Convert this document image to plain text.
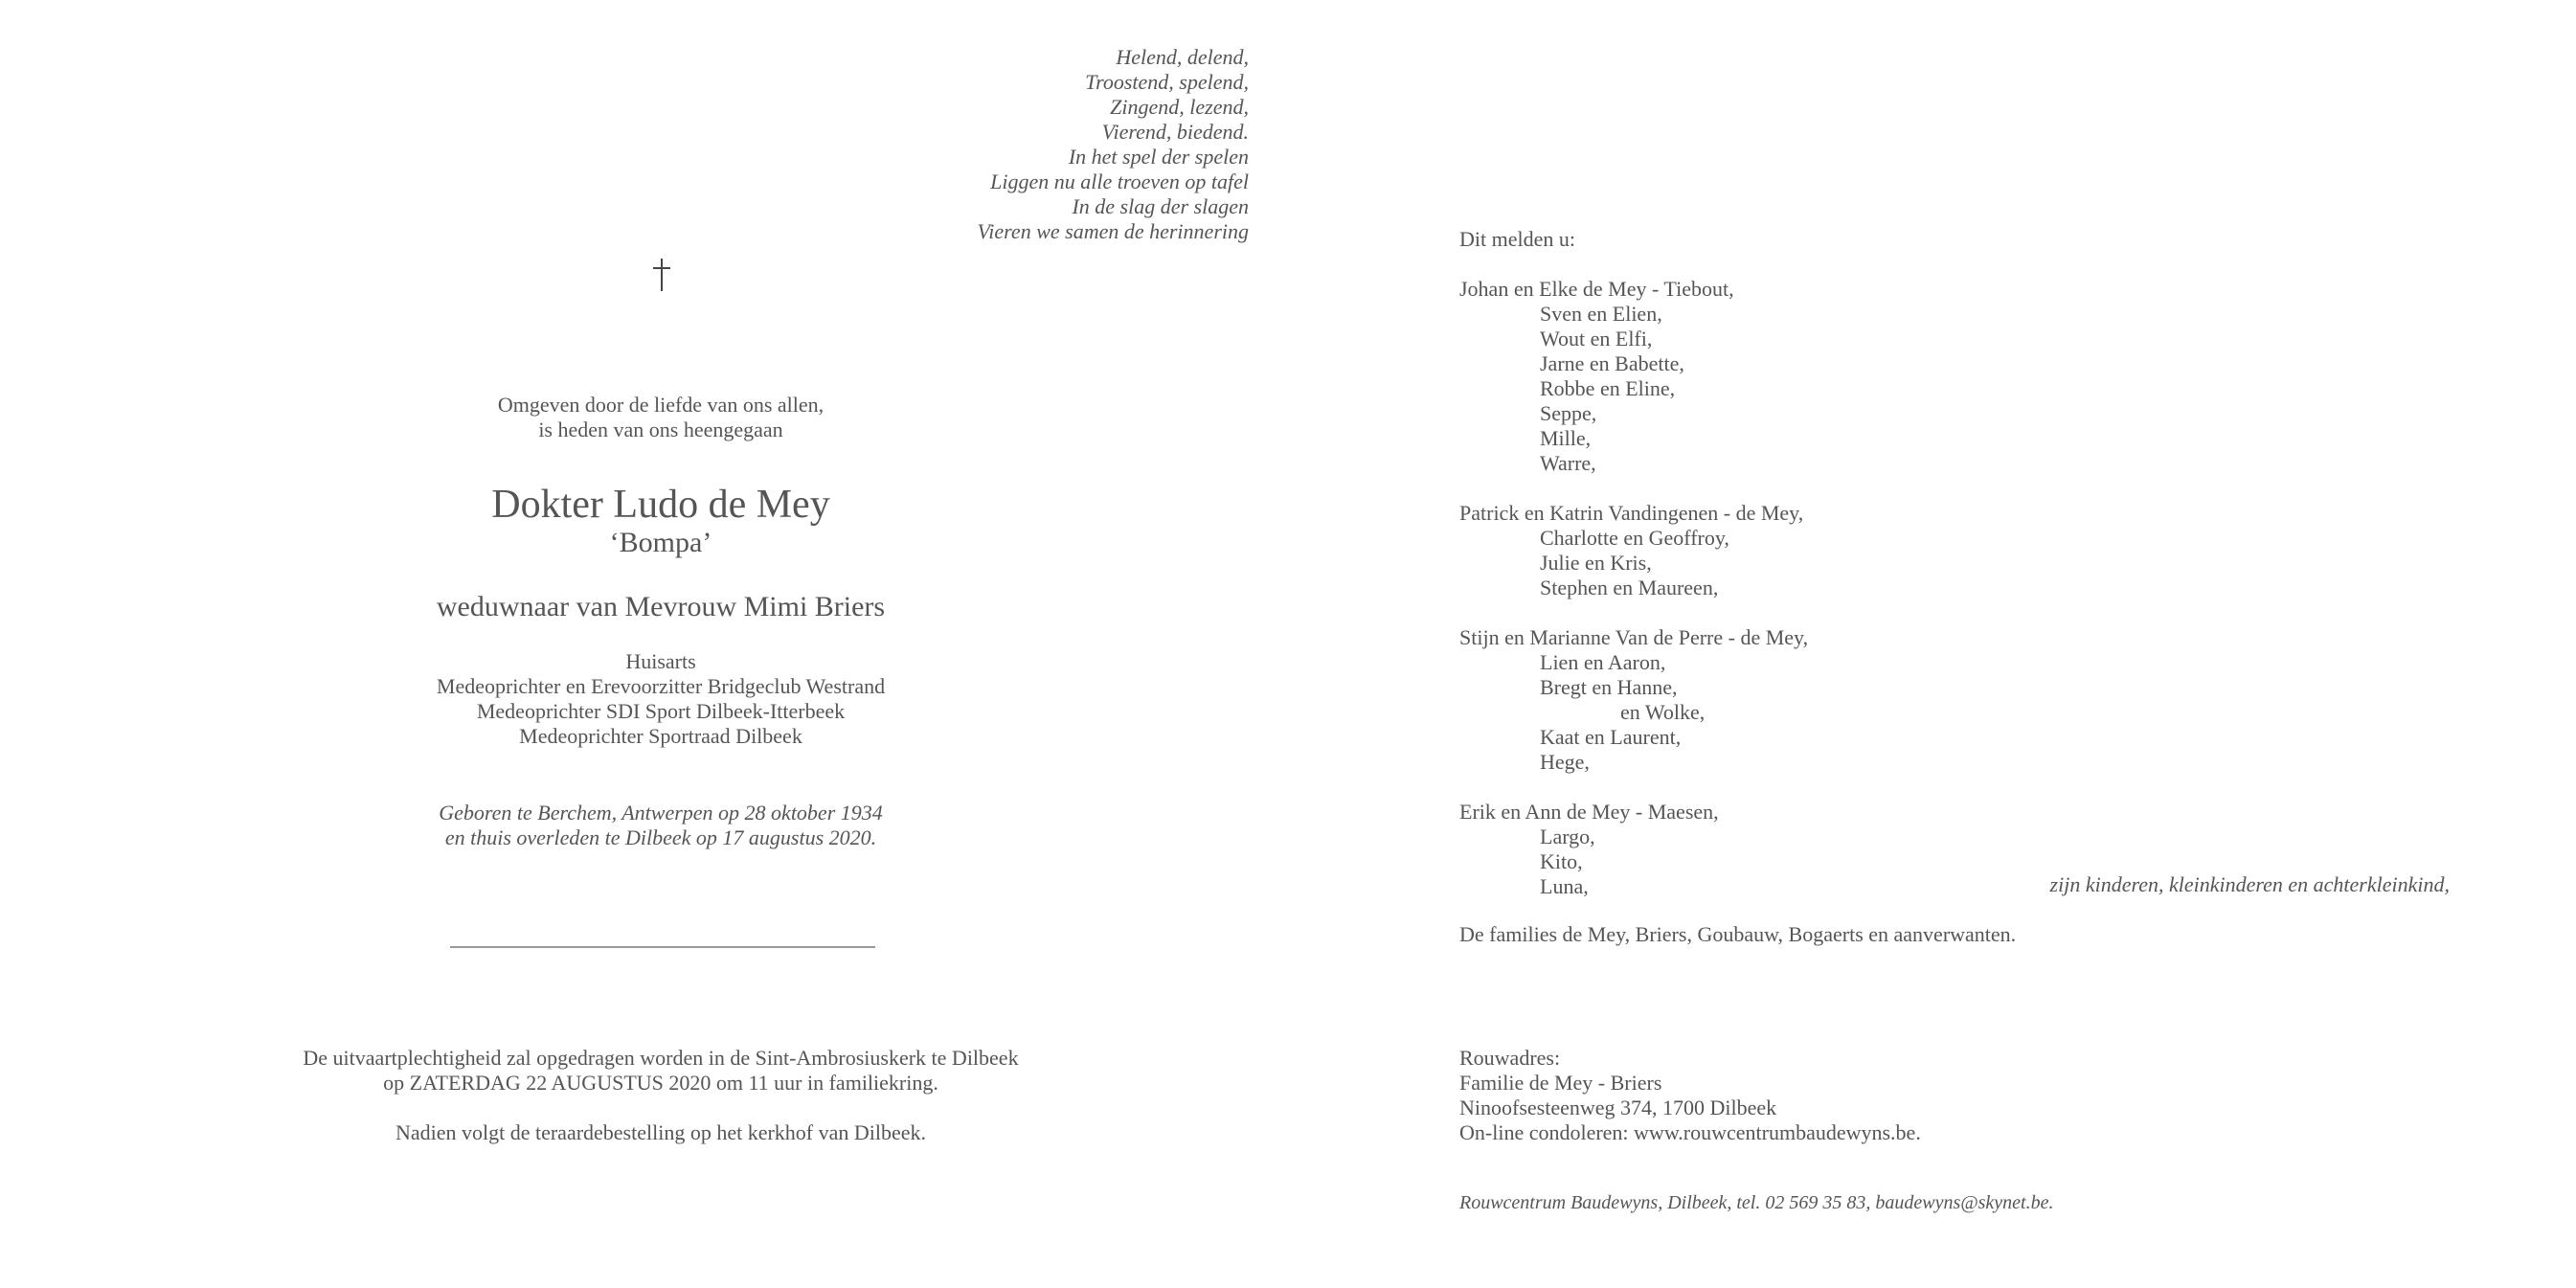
Helend, delend,
Troostend, spelend,
Zingend, lezend,
Vierend, biedend.
In het spel der spelen
Liggen nu alle troeven op tafel
In de slag der slagen
Vieren we samen de herinnering
Omgeven door de liefde van ons allen,
is heden van ons heengegaan
Dokter Ludo de Mey
‘Bompa’
weduwnaar van Mevrouw Mimi Briers
Huisarts
Medeoprichter en Erevoorzitter Bridgeclub Westrand
Medeoprichter SDI Sport Dilbeek-Itterbeek
Medeoprichter Sportraad Dilbeek
Geboren te Berchem, Antwerpen op 28 oktober 1934
en thuis overleden te Dilbeek op 17 augustus 2020.
De uitvaartplechtigheid zal opgedragen worden in de Sint-Ambrosiuskerk te Dilbeek
op ZATERDAG 22 AUGUSTUS 2020 om 11 uur in familiekring.
Nadien volgt de teraardebestelling op het kerkhof van Dilbeek.
Dit melden u:
Johan en Elke de Mey - Tiebout,
Sven en Elien,
Wout en Elfi,
Jarne en Babette,
Robbe en Eline,
Seppe,
Mille,
Warre,
Patrick en Katrin Vandingenen - de Mey,
Charlotte en Geoffroy,
Julie en Kris,
Stephen en Maureen,
Stijn en Marianne Van de Perre - de Mey,
Lien en Aaron,
Bregt en Hanne,
en Wolke,
Kaat en Laurent,
Hege,
Erik en Ann de Mey - Maesen,
Largo,
Kito,
Luna,	zijn kinderen, kleinkinderen en achterkleinkind,
De families de Mey, Briers, Goubauw, Bogaerts en aanverwanten.
Rouwadres:
Familie de Mey - Briers
Ninoofsesteenweg 374, 1700 Dilbeek
On-line condoleren: www.rouwcentrumbaudewyns.be.
Rouwcentrum Baudewyns, Dilbeek, tel. 02 569 35 83, baudewyns@skynet.be.
